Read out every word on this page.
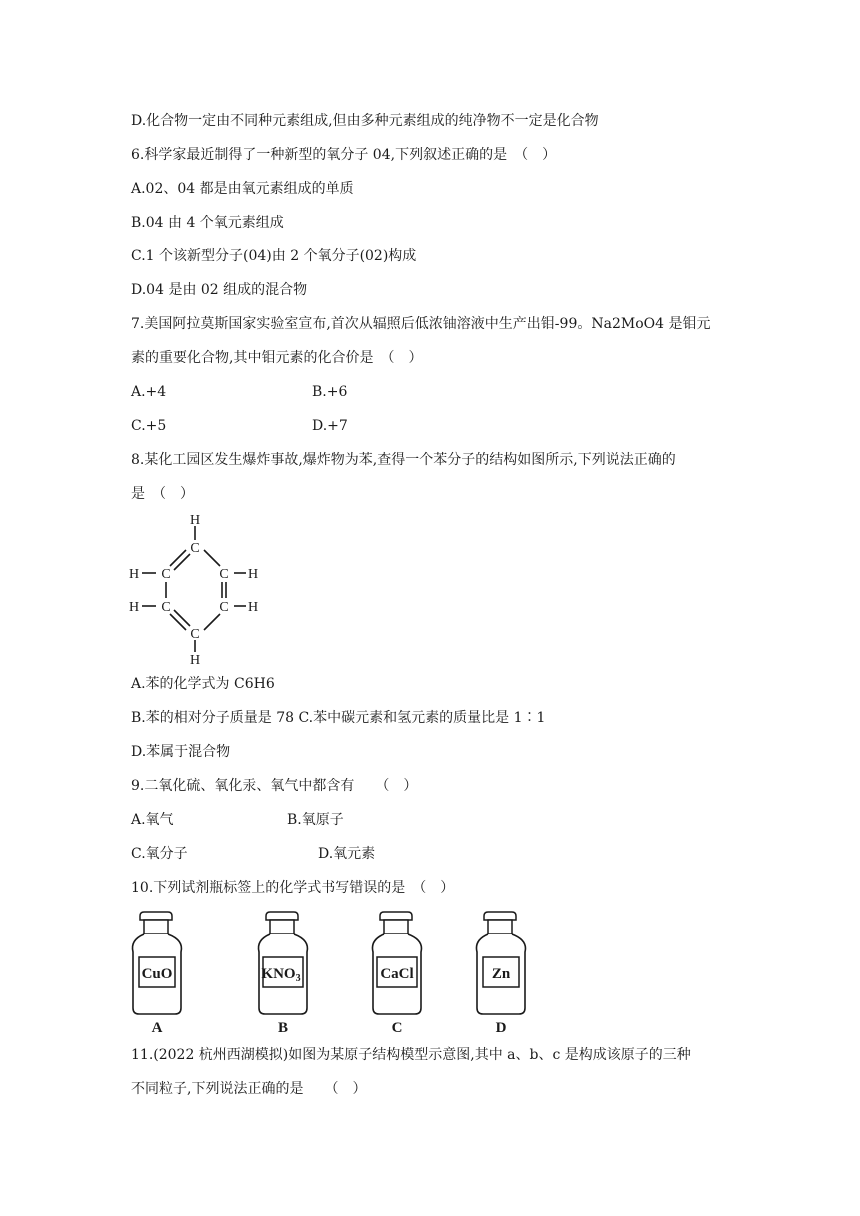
D.化合物一定由不同种元素组成,但由多种元素组成的纯净物不一定是化合物
6.科学家最近制得了一种新型的氧分子 04,下列叙述正确的是　（　）
A.02、04 都是由氧元素组成的单质
B.04 由 4 个氧元素组成
C.1 个该新型分子(04)由 2 个氧分子(02)构成
D.04 是由 02 组成的混合物
7.美国阿拉莫斯国家实验室宣布,首次从辐照后低浓铀溶液中生产出钼-99。Na2MoO4 是钼元
素的重要化合物,其中钼元素的化合价是　（　）
A.+4	B.+6
C.+5	D.+7
8.某化工园区发生爆炸事故,爆炸物为苯,查得一个苯分子的结构如图所示,下列说法正确的
是　（　）
H
C
H C	C H
H C	C H
C
H
A.苯的化学式为 C6H6
B.苯的相对分子质量是 78 C.苯中碳元素和氢元素的质量比是 1∶1
D.苯属于混合物
9.二氧化硫、氧化汞、氧气中都含有　　（　）
A.氧气	B.氧原子
C.氧分子	D.氧元素
10.下列试剂瓶标签上的化学式书写错误的是　（　）
CuO
A
$KNO_3$
B
CaCl
C
Zn
D
11.(2022 杭州西湖模拟)如图为某原子结构模型示意图,其中 a、b、c 是构成该原子的三种
不同粒子,下列说法正确的是　　（　）
